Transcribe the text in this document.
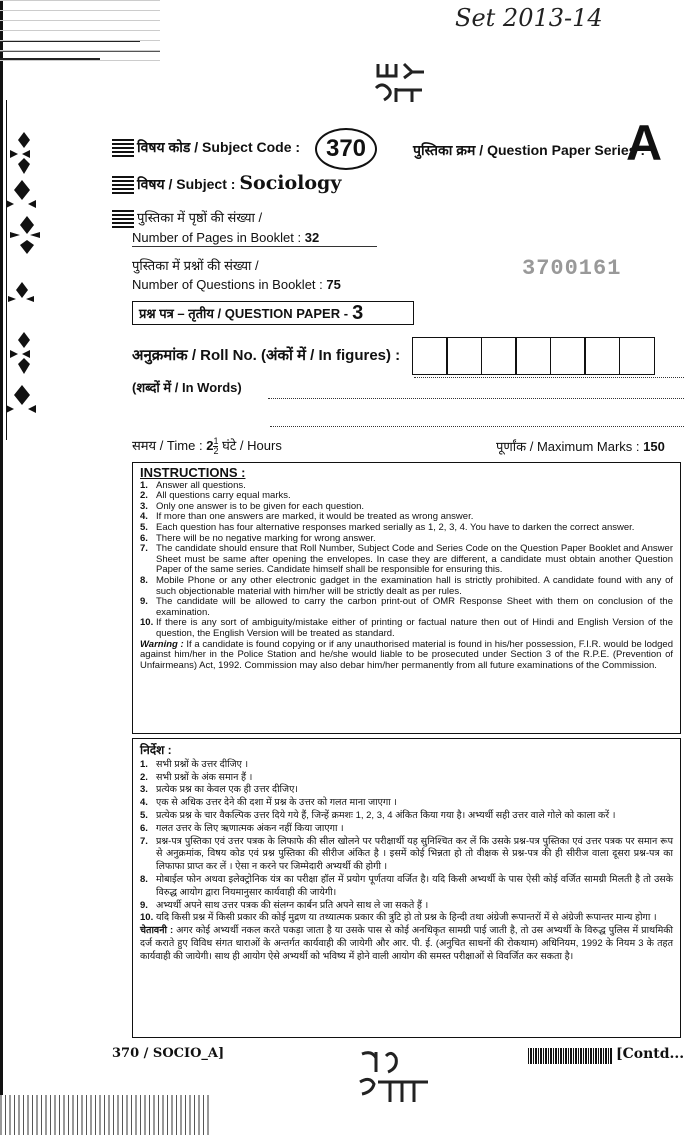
Set 2013-14
विषय कोड / Subject Code :	370	पुस्तिका क्रम / Question Paper Series :
A
विषय / Subject : Sociology
पुस्तिका में पृष्ठों की संख्या /
Number of Pages in Booklet : 32
पुस्तिका में प्रश्नों की संख्या /
Number of Questions in Booklet : 75
3700161
प्रश्न पत्र – तृतीय / QUESTION PAPER - 3
अनुक्रमांक / Roll No. (अंकों में / In figures) :
(शब्दों में / In Words)
समय / Time : $2 \frac{1}{2}$ घंटे / Hours	पूर्णांक / Maximum Marks : 150
INSTRUCTIONS :
1. Answer all questions.
2. All questions carry equal marks.
3. Only one answer is to be given for each question.
4. If more than one answers are marked, it would be treated as wrong answer.
5. Each question has four alternative responses marked serially as 1, 2, 3, 4. You have to darken the correct answer.
6. There will be no negative marking for wrong answer.
7. The candidate should ensure that Roll Number, Subject Code and Series Code on the Question Paper Booklet and Answer Sheet must be same after opening the envelopes. In case they are different, a candidate must obtain another Question Paper of the same series. Candidate himself shall be responsible for ensuring this.
8. Mobile Phone or any other electronic gadget in the examination hall is strictly prohibited. A candidate found with any of such objectionable material with him/her will be strictly dealt as per rules.
9. The candidate will be allowed to carry the carbon print-out of OMR Response Sheet with them on conclusion of the examination.
10. If there is any sort of ambiguity/mistake either of printing or factual nature then out of Hindi and English Version of the question, the English Version will be treated as standard.
Warning : If a candidate is found copying or if any unauthorised material is found in his/her possession, F.I.R. would be lodged against him/her in the Police Station and he/she would liable to be prosecuted under Section 3 of the R.P.E. (Prevention of Unfairmeans) Act, 1992. Commission may also debar him/her permanently from all future examinations of the Commission.
निर्देश :
1. सभी प्रश्नों के उत्तर दीजिए ।
2. सभी प्रश्नों के अंक समान हैं ।
3. प्रत्येक प्रश्न का केवल एक ही उत्तर दीजिए।
4. एक से अधिक उत्तर देने की दशा में प्रश्न के उत्तर को गलत माना जाएगा ।
5. प्रत्येक प्रश्न के चार वैकल्पिक उत्तर दिये गये हैं, जिन्हें क्रमशः 1, 2, 3, 4 अंकित किया गया है। अभ्यर्थी सही उत्तर वाले गोले को काला करें ।
6. गलत उत्तर के लिए ऋणात्मक अंकन नहीं किया जाएगा ।
7. प्रश्न-पत्र पुस्तिका एवं उत्तर पत्रक के लिफाफे की सील खोलने पर परीक्षार्थी यह सुनिश्चित कर लें कि उसके प्रश्न-पत्र पुस्तिका एवं उत्तर पत्रक पर समान रूप से अनुक्रमांक, विषय कोड एवं प्रश्न पुस्तिका की सीरीज अंकित है । इसमें कोई भिन्नता हो तो वीक्षक से प्रश्न-पत्र की ही सीरीज वाला दूसरा प्रश्न-पत्र का लिफाफा प्राप्त कर लें । ऐसा न करने पर जिम्मेदारी अभ्यर्थी की होगी ।
8. मोबाईल फोन अथवा इलेक्ट्रोनिक यंत्र का परीक्षा हॉल में प्रयोग पूर्णतया वर्जित है। यदि किसी अभ्यर्थी के पास ऐसी कोई वर्जित सामग्री मिलती है तो उसके विरुद्ध आयोग द्वारा नियमानुसार कार्यवाही की जायेगी।
9. अभ्यर्थी अपने साथ उत्तर पत्रक की संलग्न कार्बन प्रति अपने साथ ले जा सकते हैं ।
10. यदि किसी प्रश्न में किसी प्रकार की कोई मुद्रण या तथ्यात्मक प्रकार की त्रुटि हो तो प्रश्न के हिन्दी तथा अंग्रेजी रूपान्तरों में से अंग्रेजी रूपान्तर मान्य होगा ।
चेतावनी : अगर कोई अभ्यर्थी नकल करते पकड़ा जाता है या उसके पास से कोई अनधिकृत सामग्री पाई जाती है, तो उस अभ्यर्थी के विरुद्ध पुलिस में प्राथमिकी दर्ज कराते हुए विविध संगत धाराओं के अन्तर्गत कार्यवाही की जायेगी और आर. पी. ई. (अनुचित साधनों की रोकथाम) अधिनियम, 1992 के नियम 3 के तहत कार्यवाही की जायेगी। साथ ही आयोग ऐसे अभ्यर्थी को भविष्य में होने वाली आयोग की समस्त परीक्षाओं से विवर्जित कर सकता है।
370 / SOCIO_A]	[Contd...
